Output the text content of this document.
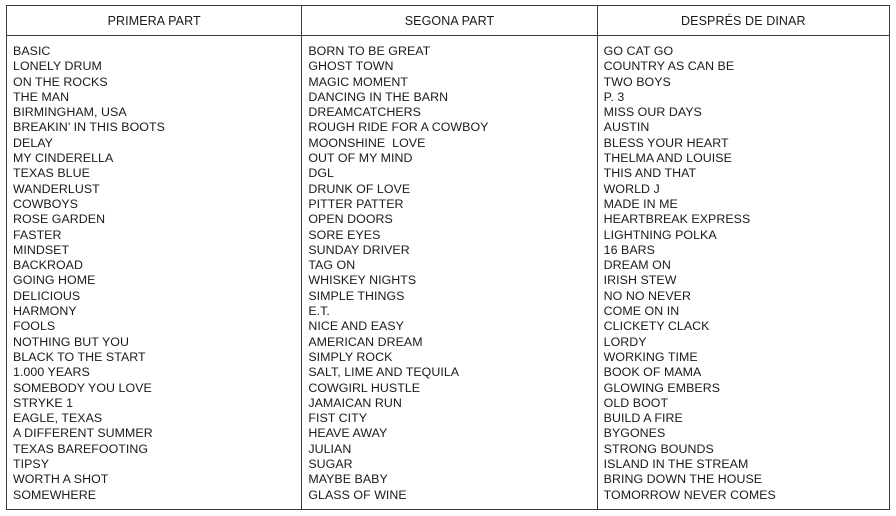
PRIMERA PART	SEGONA PART	DESPRÉS DE DINAR
BASIC
LONELY DRUM
ON THE ROCKS
THE MAN
BIRMINGHAM, USA
BREAKIN’ IN THIS BOOTS
DELAY
MY CINDERELLA
TEXAS BLUE
WANDERLUST
COWBOYS
ROSE GARDEN
FASTER
MINDSET
BACKROAD
GOING HOME
DELICIOUS
HARMONY
FOOLS
NOTHING BUT YOU
BLACK TO THE START
1.000 YEARS
SOMEBODY YOU LOVE
STRYKE 1
EAGLE, TEXAS
A DIFFERENT SUMMER
TEXAS BAREFOOTING
TIPSY
WORTH A SHOT
SOMEWHERE
BORN TO BE GREAT
GHOST TOWN
MAGIC MOMENT
DANCING IN THE BARN
DREAMCATCHERS
ROUGH RIDE FOR A COWBOY
MOONSHINE  LOVE
OUT OF MY MIND
DGL
DRUNK OF LOVE
PITTER PATTER
OPEN DOORS
SORE EYES
SUNDAY DRIVER
TAG ON
WHISKEY NIGHTS
SIMPLE THINGS
E.T.
NICE AND EASY
AMERICAN DREAM
SIMPLY ROCK
SALT, LIME AND TEQUILA
COWGIRL HUSTLE
JAMAICAN RUN
FIST CITY
HEAVE AWAY
JULIAN
SUGAR
MAYBE BABY
GLASS OF WINE
GO CAT GO
COUNTRY AS CAN BE
TWO BOYS
P. 3
MISS OUR DAYS
AUSTIN
BLESS YOUR HEART
THELMA AND LOUISE
THIS AND THAT
WORLD J
MADE IN ME
HEARTBREAK EXPRESS
LIGHTNING POLKA
16 BARS
DREAM ON
IRISH STEW
NO NO NEVER
COME ON IN
CLICKETY CLACK
LORDY
WORKING TIME
BOOK OF MAMA
GLOWING EMBERS
OLD BOOT
BUILD A FIRE
BYGONES
STRONG BOUNDS
ISLAND IN THE STREAM
BRING DOWN THE HOUSE
TOMORROW NEVER COMES
